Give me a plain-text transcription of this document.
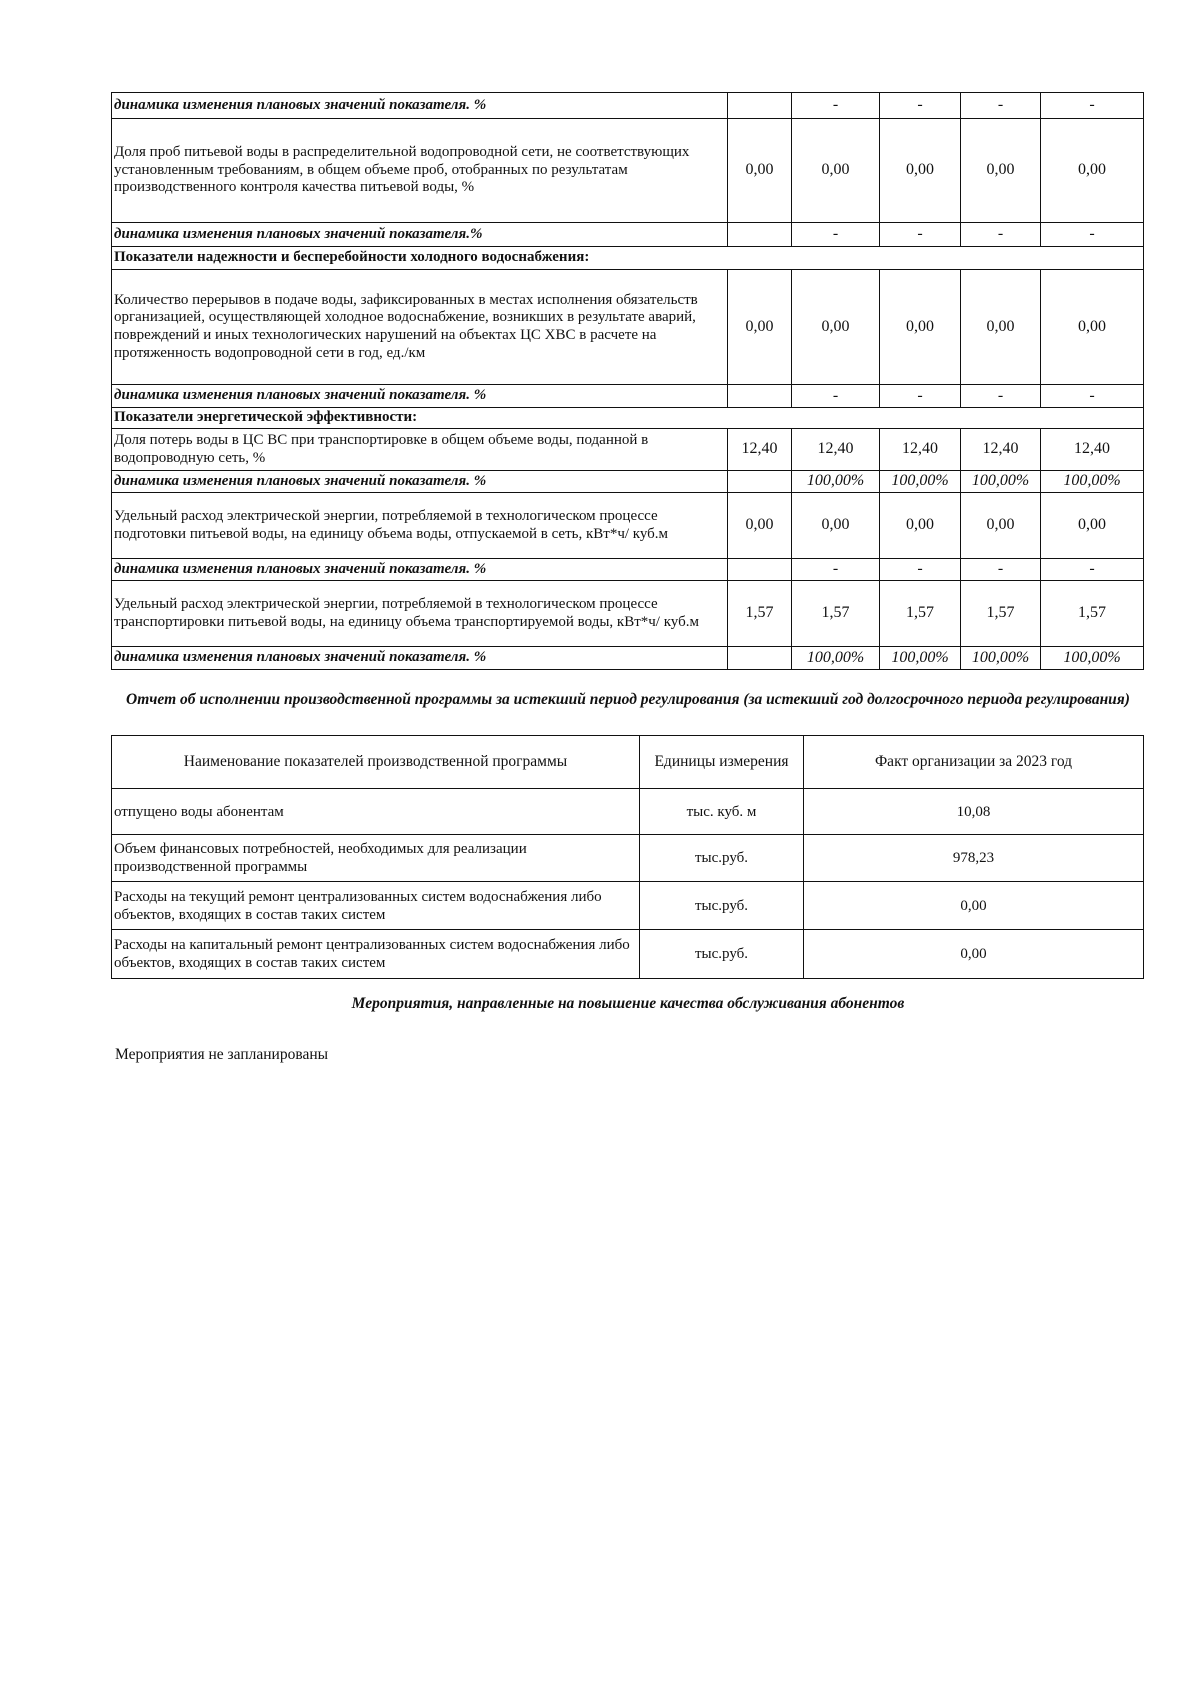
динамика изменения плановых значений показателя. %		-	-	-	-
Доля проб питьевой воды в распределительной водопроводной сети, не соответствующих установленным требованиям, в общем объеме проб, отобранных по результатам производственного контроля качества питьевой воды, %	0,00	0,00	0,00	0,00	0,00
динамика изменения плановых значений показателя.%		-	-	-	-
Показатели надежности и бесперебойности холодного водоснабжения:					
Количество перерывов в подаче воды, зафиксированных в местах исполнения обязательств организацией, осуществляющей холодное водоснабжение, возникших в результате аварий, повреждений и иных технологических нарушений на объектах ЦС ХВС в расчете на протяженность водопроводной сети в год, ед./км	0,00	0,00	0,00	0,00	0,00
динамика изменения плановых значений показателя. %		-	-	-	-
Показатели энергетической эффективности:					
Доля потерь воды в ЦС ВС при транспортировке в общем объеме воды, поданной в водопроводную сеть, %	12,40	12,40	12,40	12,40	12,40
динамика изменения плановых значений показателя. %		100,00%	100,00%	100,00%	100,00%
Удельный расход электрической энергии, потребляемой в технологическом процессе подготовки питьевой воды, на единицу объема воды, отпускаемой в сеть, кВт*ч/ куб.м	0,00	0,00	0,00	0,00	0,00
динамика изменения плановых значений показателя. %		-	-	-	-
Удельный расход электрической энергии, потребляемой в технологическом процессе транспортировки питьевой воды, на единицу объема транспортируемой воды, кВт*ч/ куб.м	1,57	1,57	1,57	1,57	1,57
динамика изменения плановых значений показателя. %		100,00%	100,00%	100,00%	100,00%
Отчет об исполнении производственной программы за истекший период регулирования (за истекший год долгосрочного периода регулирования)
Наименование показателей производственной программы	Единицы измерения	Факт организации за 2023 год
отпущено воды абонентам	тыс. куб. м	10,08
Объем финансовых потребностей, необходимых для реализации производственной программы	тыс.руб.	978,23
Расходы на текущий ремонт централизованных систем водоснабжения либо объектов, входящих в состав таких систем	тыс.руб.	0,00
Расходы на капитальный ремонт централизованных систем водоснабжения либо объектов, входящих в состав таких систем	тыс.руб.	0,00
Мероприятия, направленные на повышение качества обслуживания абонентов
Мероприятия не запланированы
